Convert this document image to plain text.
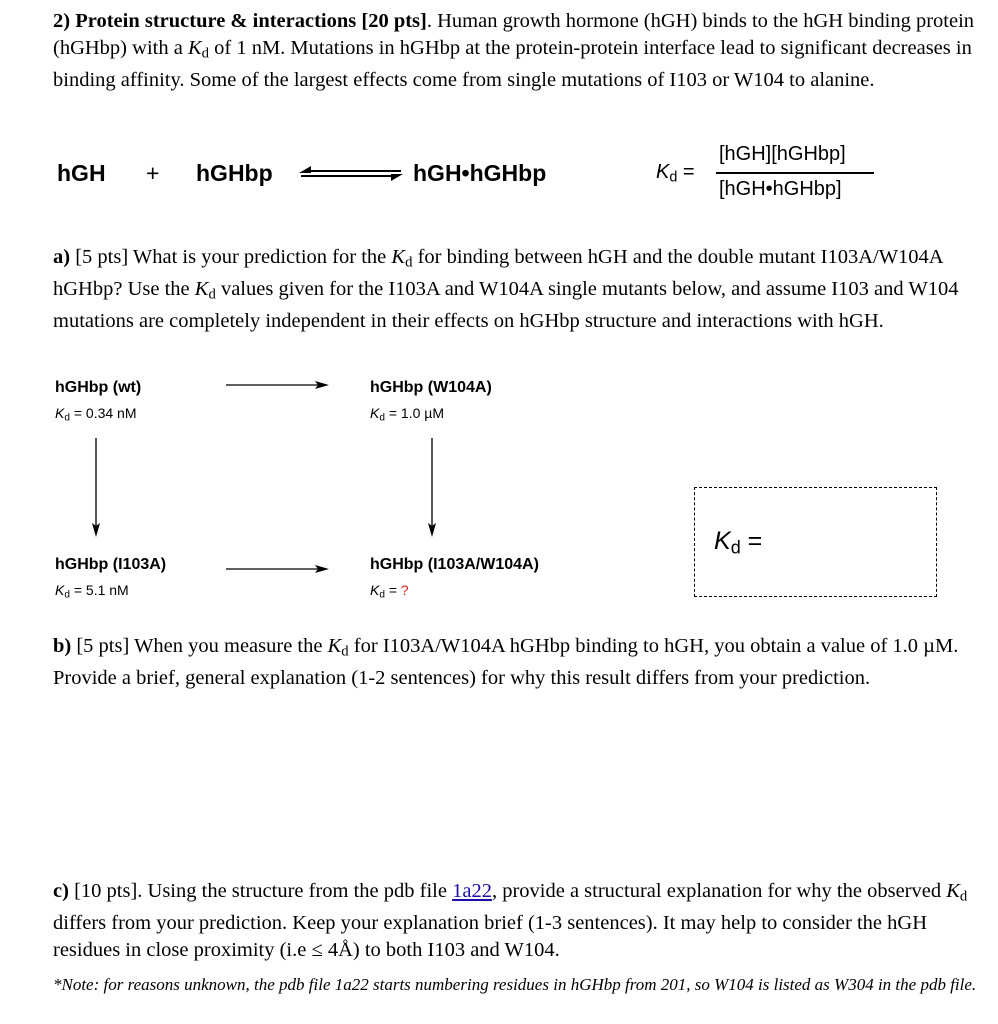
2) Protein structure & interactions [20 pts]. Human growth hormone (hGH) binds to the hGH binding protein (hGHbp) with a $K_d$ of 1 nM. Mutations in hGHbp at the protein-protein interface lead to significant decreases in binding affinity. Some of the largest effects come from single mutations of I103 or W104 to alanine.
hGH + hGHbp	hGH•hGHbp	$K_d$ =
[hGH][hGHbp]
[hGH•hGHbp]
a) [5 pts] What is your prediction for the $K_d$ for binding between hGH and the double mutant I103A/W104A hGHbp? Use the $K_d$ values given for the I103A and W104A single mutants below, and assume I103 and W104 mutations are completely independent in their effects on hGHbp structure and interactions with hGH.
hGHbp (wt)
$K_d = 0.34$ nM
hGHbp (W104A)
$K_d = 1.0$ µM
hGHbp (I103A)
$K_d = 5.1$ nM
hGHbp (I103A/W104A)
$K_d$ = ?
$K_d$ =
b) [5 pts] When you measure the $K_d$ for I103A/W104A hGHbp binding to hGH, you obtain a value of 1.0 µM. Provide a brief, general explanation (1-2 sentences) for why this result differs from your prediction.
c) [10 pts]. Using the structure from the pdb file 1a22, provide a structural explanation for why the observed $K_d$ differs from your prediction. Keep your explanation brief (1-3 sentences). It may help to consider the hGH residues in close proximity (i.e ≤ 4Å) to both I103 and W104.
*Note: for reasons unknown, the pdb file 1a22 starts numbering residues in hGHbp from 201, so W104 is listed as W304 in the pdb file.
